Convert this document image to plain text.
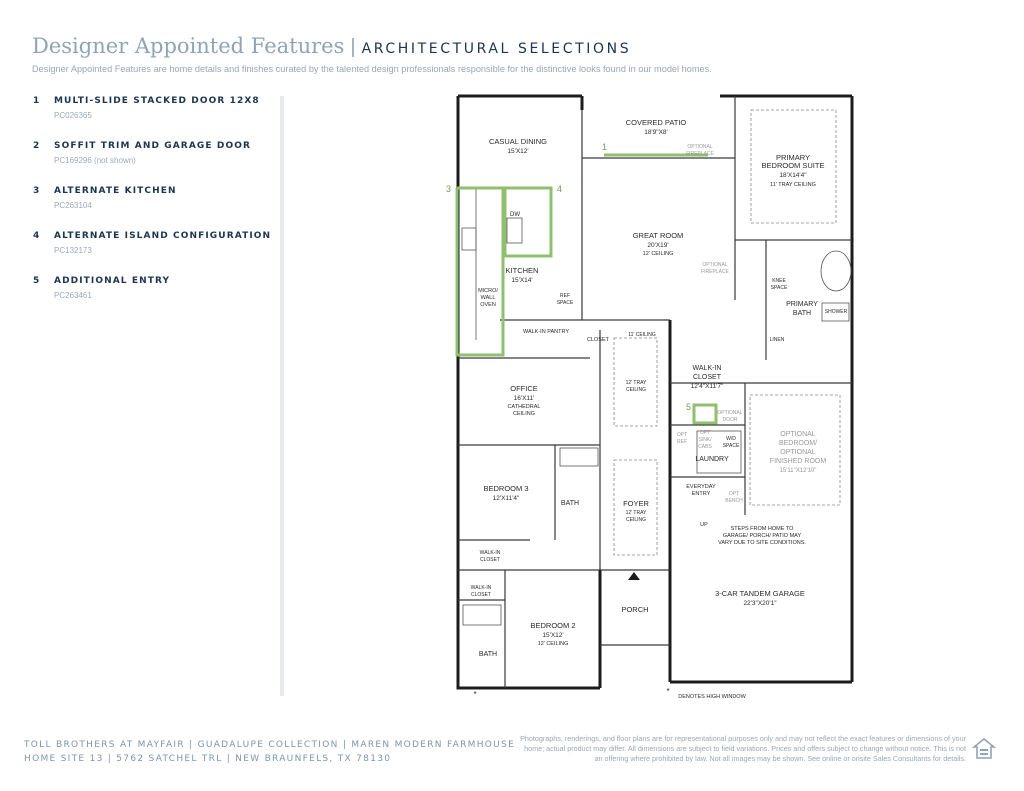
Designer Appointed Features | ARCHITECTURAL SELECTIONS
Designer Appointed Features are home details and finishes curated by the talented design professionals responsible for the distinctive looks found in our model homes.
1 MULTI-SLIDE STACKED DOOR 12X8
PC026365
2 SOFFIT TRIM AND GARAGE DOOR
PC169296 (not shown)
3 ALTERNATE KITCHEN
PC263104
4 ALTERNATE ISLAND CONFIGURATION
PC132173
5 ADDITIONAL ENTRY
PC263461
1
3	4
5
COVERED PATIO
18'9"X8'
OPTIONAL
FIREPLACE
CASUAL DINING
15'X12'
PRIMARY
BEDROOM SUITE
18'X14'4"
11' TRAY CEILING
DW
GREAT ROOM
20'X19'
12' CEILING
OPTIONAL
FIREPLACE
KITCHEN
15'X14'
MICRO/
WALL
OVEN
REF
SPACE
KNEE
SPACE
PRIMARY
BATH	SHOWER
WALK-IN PANTRY
CLOSET
11' CEILING
LINEN
WALK-IN
CLOSET
12'4"X11'7"
OFFICE
16'X11'
CATHEDRAL
CEILING
12' TRAY
CEILING
OPTIONAL
DOOR
OPTIONAL
BEDROOM/
OPTIONAL
FINISHED ROOM
15'11"X12'10"
OPT
REF
OPT
SINK/
CABS
W/D
SPACE
LAUNDRY
BEDROOM 3
12'X11'4"
BATH
EVERYDAY
ENTRY	OPT
BENCH
FOYER
12' TRAY
CEILING
UP
STEPS FROM HOME TO
GARAGE/ PORCH/ PATIO MAY
VARY DUE TO SITE CONDITIONS.
WALK-IN
CLOSET
WALK-IN
CLOSET	3-CAR TANDEM GARAGE
22'3"X20'1"
PORCH
BEDROOM 2
15'X12'
12' CEILING
BATH
*	*
DENOTES HIGH WINDOW
TOLL BROTHERS AT MAYFAIR | GUADALUPE COLLECTION | MAREN MODERN FARMHOUSE
HOME SITE 13 | 5762 SATCHEL TRL | NEW BRAUNFELS, TX 78130
Photographs, renderings, and floor plans are for representational purposes only and may not reflect the exact features or dimensions of your home; actual product may differ. All dimensions are subject to field variations. Prices and offers subject to change without notice. This is not an offering where prohibited by law. Not all images may be shown. See online or onsite Sales Consultants for details.
